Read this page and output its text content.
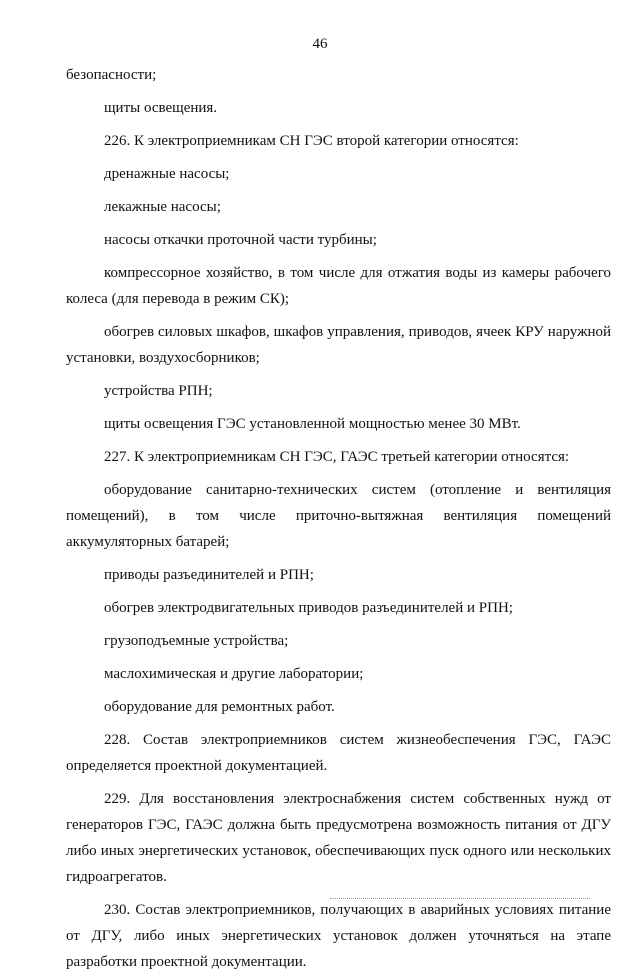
46

безопасности;

щиты освещения.

226. К электроприемникам СН ГЭС второй категории относятся:

дренажные насосы;

лекажные насосы;

насосы откачки проточной части турбины;

компрессорное хозяйство, в том числе для отжатия воды из камеры рабочего колеса (для перевода в режим СК);

обогрев силовых шкафов, шкафов управления, приводов, ячеек КРУ наружной установки, воздухосборников;

устройства РПН;

щиты освещения ГЭС установленной мощностью менее 30 МВт.

227. К электроприемникам СН ГЭС, ГАЭС третьей категории относятся:

оборудование санитарно-технических систем (отопление и вентиляция помещений), в том числе приточно-вытяжная вентиляция помещений аккумуляторных батарей;

приводы разъединителей и РПН;

обогрев электродвигательных приводов разъединителей и РПН;

грузоподъемные устройства;

маслохимическая и другие лаборатории;

оборудование для ремонтных работ.

228. Состав электроприемников систем жизнеобеспечения ГЭС, ГАЭС определяется проектной документацией.

229. Для восстановления электроснабжения систем собственных нужд от генераторов ГЭС, ГАЭС должна быть предусмотрена возможность питания от ДГУ либо иных энергетических установок, обеспечивающих пуск одного или нескольких гидроагрегатов.

230. Состав электроприемников, получающих в аварийных условиях питание от ДГУ, либо иных энергетических установок должен уточняться на этапе разработки проектной документации.
